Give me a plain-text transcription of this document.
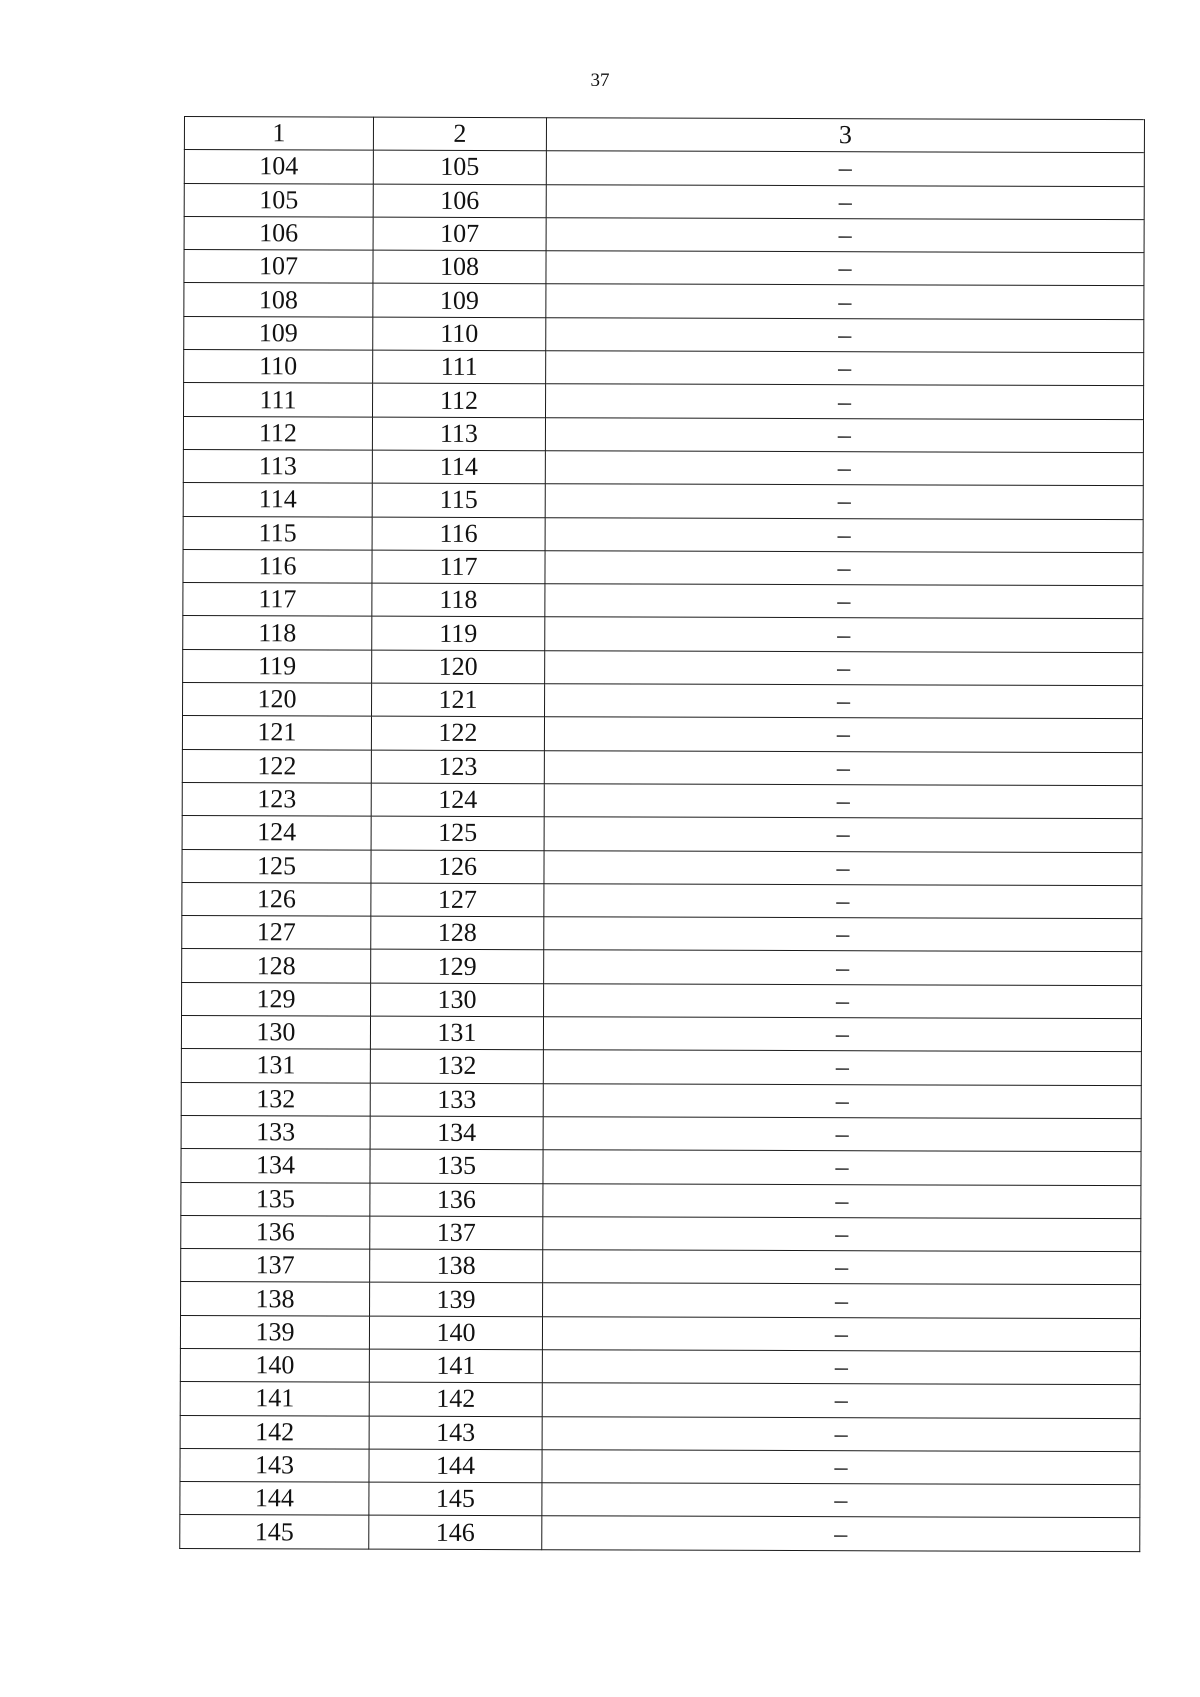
37
1	2	3
104	105	–
105	106	–
106	107	–
107	108	–
108	109	–
109	110	–
110	111	–
111	112	–
112	113	–
113	114	–
114	115	–
115	116	–
116	117	–
117	118	–
118	119	–
119	120	–
120	121	–
121	122	–
122	123	–
123	124	–
124	125	–
125	126	–
126	127	–
127	128	–
128	129	–
129	130	–
130	131	–
131	132	–
132	133	–
133	134	–
134	135	–
135	136	–
136	137	–
137	138	–
138	139	–
139	140	–
140	141	–
141	142	–
142	143	–
143	144	–
144	145	–
145	146	–
